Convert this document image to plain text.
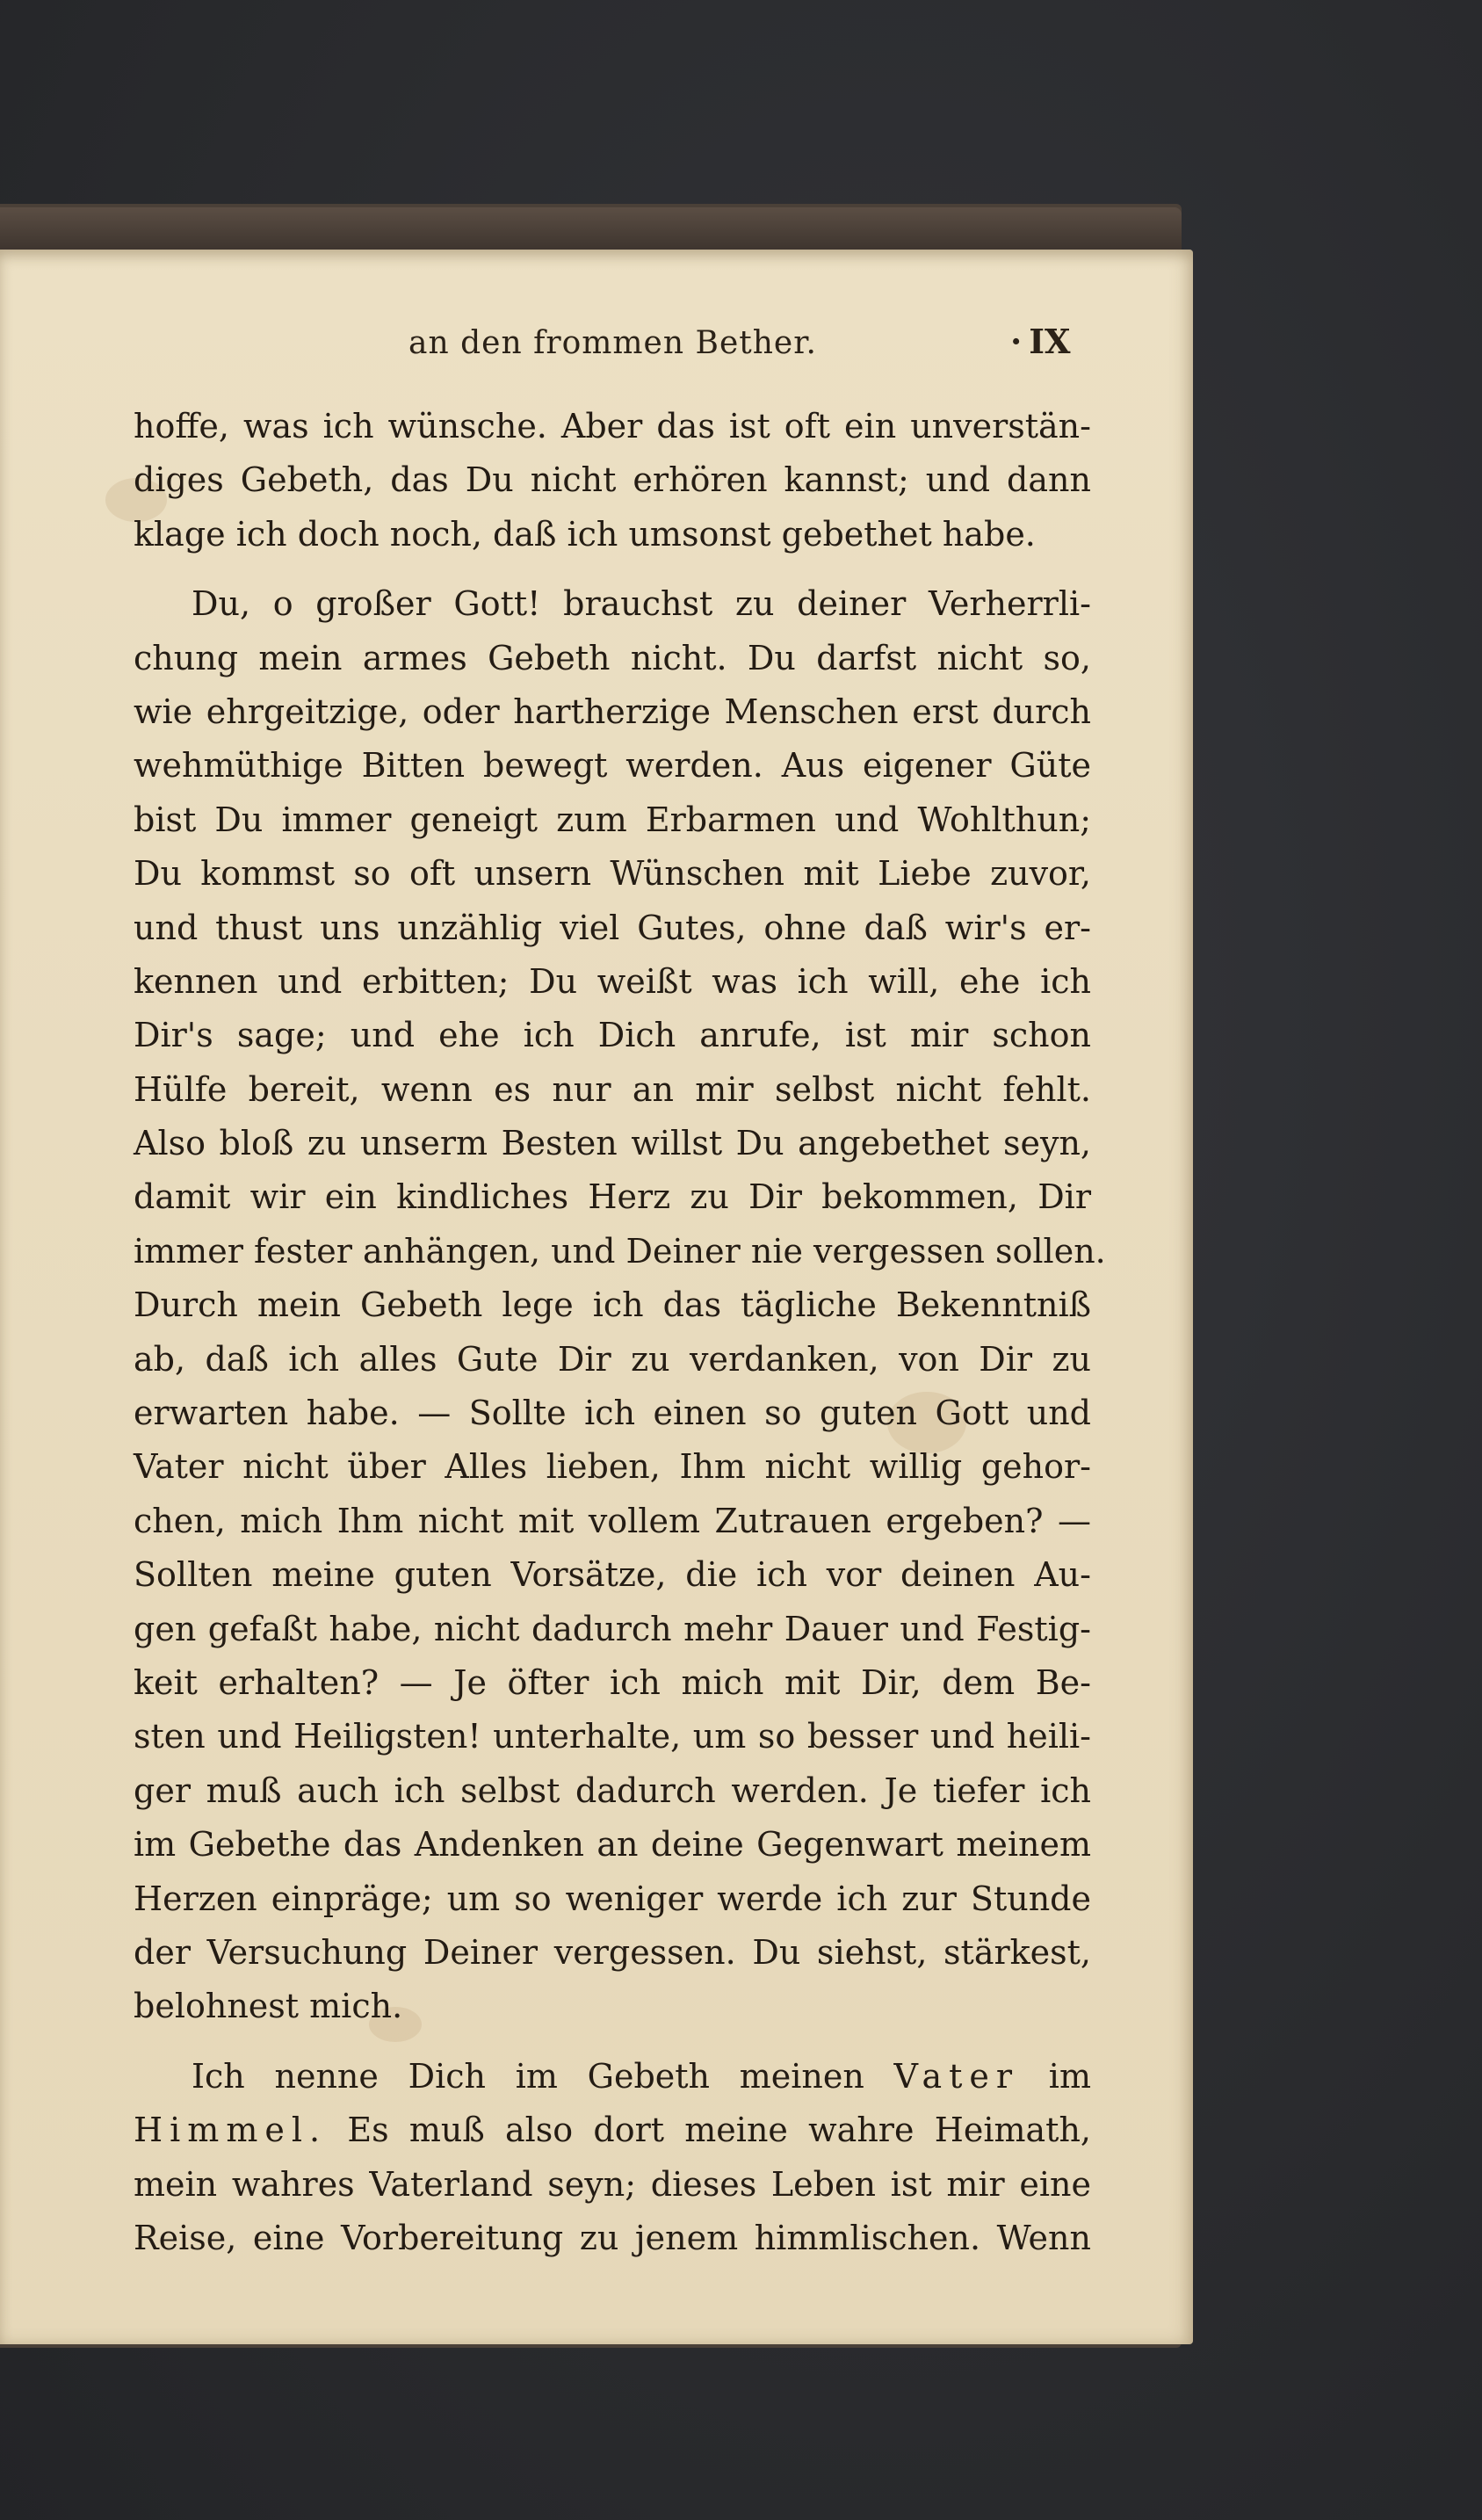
an den frommen Bether.
·	IX
hoffe, was ich wünsche. Aber das ist oft ein unverstän-
diges Gebeth, das Du nicht erhören kannst; und dann
klage ich doch noch, daß ich umsonst gebethet habe.
Du, o großer Gott! brauchst zu deiner Verherrli-
chung mein armes Gebeth nicht. Du darfst nicht so,
wie ehrgeitzige, oder hartherzige Menschen erst durch
wehmüthige Bitten bewegt werden. Aus eigener Güte
bist Du immer geneigt zum Erbarmen und Wohlthun;
Du kommst so oft unsern Wünschen mit Liebe zuvor,
und thust uns unzählig viel Gutes, ohne daß wir's er-
kennen und erbitten; Du weißt was ich will, ehe ich
Dir's sage; und ehe ich Dich anrufe, ist mir schon
Hülfe bereit, wenn es nur an mir selbst nicht fehlt.
Also bloß zu unserm Besten willst Du angebethet seyn,
damit wir ein kindliches Herz zu Dir bekommen, Dir
immer fester anhängen, und Deiner nie vergessen sollen.
Durch mein Gebeth lege ich das tägliche Bekenntniß
ab, daß ich alles Gute Dir zu verdanken, von Dir zu
erwarten habe. — Sollte ich einen so guten Gott und
Vater nicht über Alles lieben, Ihm nicht willig gehor-
chen, mich Ihm nicht mit vollem Zutrauen ergeben? —
Sollten meine guten Vorsätze, die ich vor deinen Au-
gen gefaßt habe, nicht dadurch mehr Dauer und Festig-
keit erhalten? — Je öfter ich mich mit Dir, dem Be-
sten und Heiligsten! unterhalte, um so besser und heili-
ger muß auch ich selbst dadurch werden. Je tiefer ich
im Gebethe das Andenken an deine Gegenwart meinem
Herzen einpräge; um so weniger werde ich zur Stunde
der Versuchung Deiner vergessen. Du siehst, stärkest,
belohnest mich.
Ich nenne Dich im Gebeth meinen Vater im
Himmel. Es muß also dort meine wahre Heimath,
mein wahres Vaterland seyn; dieses Leben ist mir eine
Reise, eine Vorbereitung zu jenem himmlischen. Wenn
